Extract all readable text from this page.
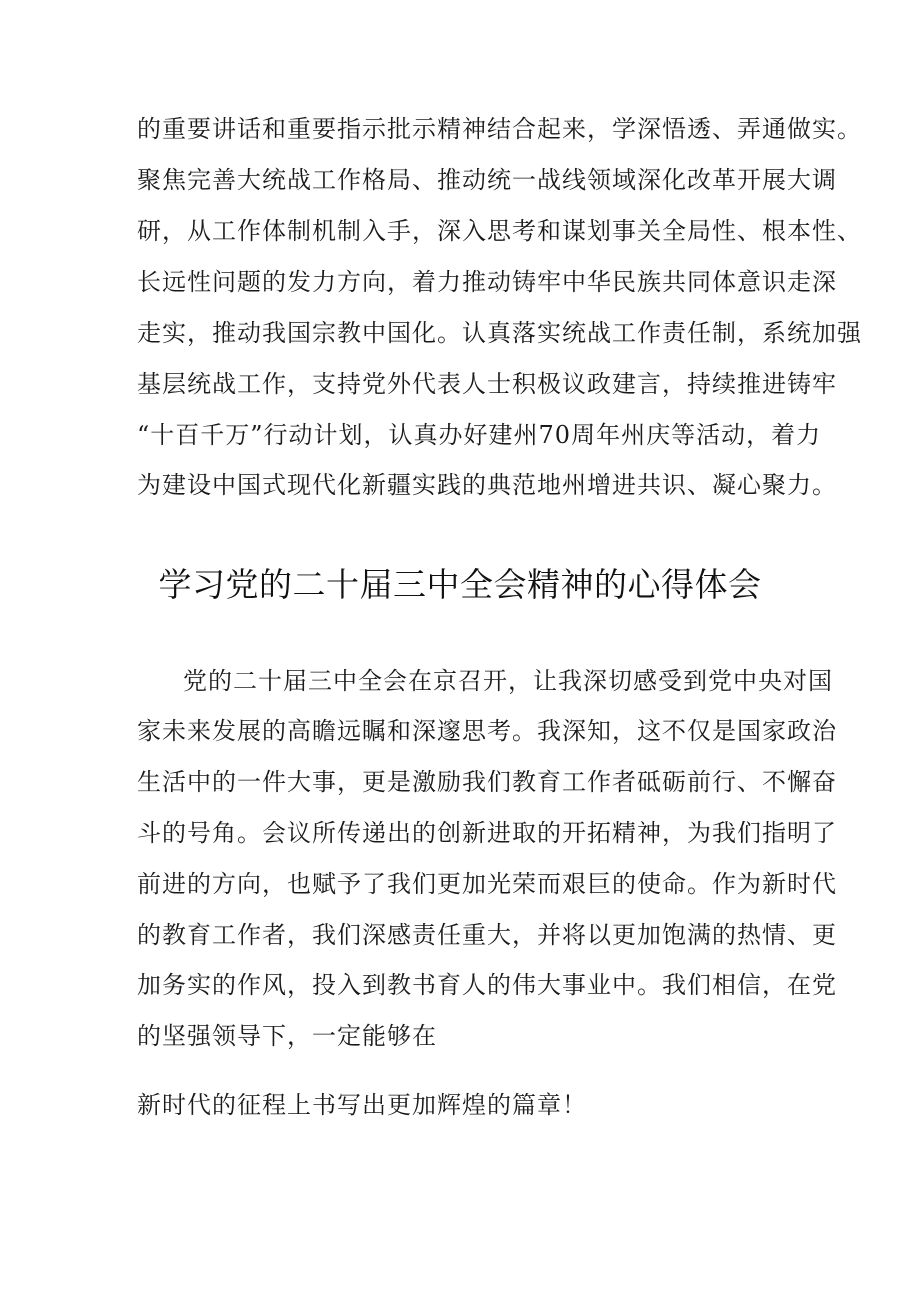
的重要讲话和重要指示批示精神结合起来，学深悟透、弄通做实。
聚焦完善大统战工作格局、推动统一战线领域深化改革开展大调
研，从工作体制机制入手，深入思考和谋划事关全局性、根本性、
长远性问题的发力方向，着力推动铸牢中华民族共同体意识走深
走实，推动我国宗教中国化。认真落实统战工作责任制，系统加强
基层统战工作，支持党外代表人士积极议政建言，持续推进铸牢
“十百千万”行动计划，认真办好建州70周年州庆等活动，着力
为建设中国式现代化新疆实践的典范地州增进共识、凝心聚力。
学习党的二十届三中全会精神的心得体会
党的二十届三中全会在京召开，让我深切感受到党中央对国
家未来发展的高瞻远瞩和深邃思考。我深知，这不仅是国家政治
生活中的一件大事，更是激励我们教育工作者砥砺前行、不懈奋
斗的号角。会议所传递出的创新进取的开拓精神，为我们指明了
前进的方向，也赋予了我们更加光荣而艰巨的使命。作为新时代
的教育工作者，我们深感责任重大，并将以更加饱满的热情、更
加务实的作风，投入到教书育人的伟大事业中。我们相信，在党
的坚强领导下，一定能够在
新时代的征程上书写出更加辉煌的篇章！
